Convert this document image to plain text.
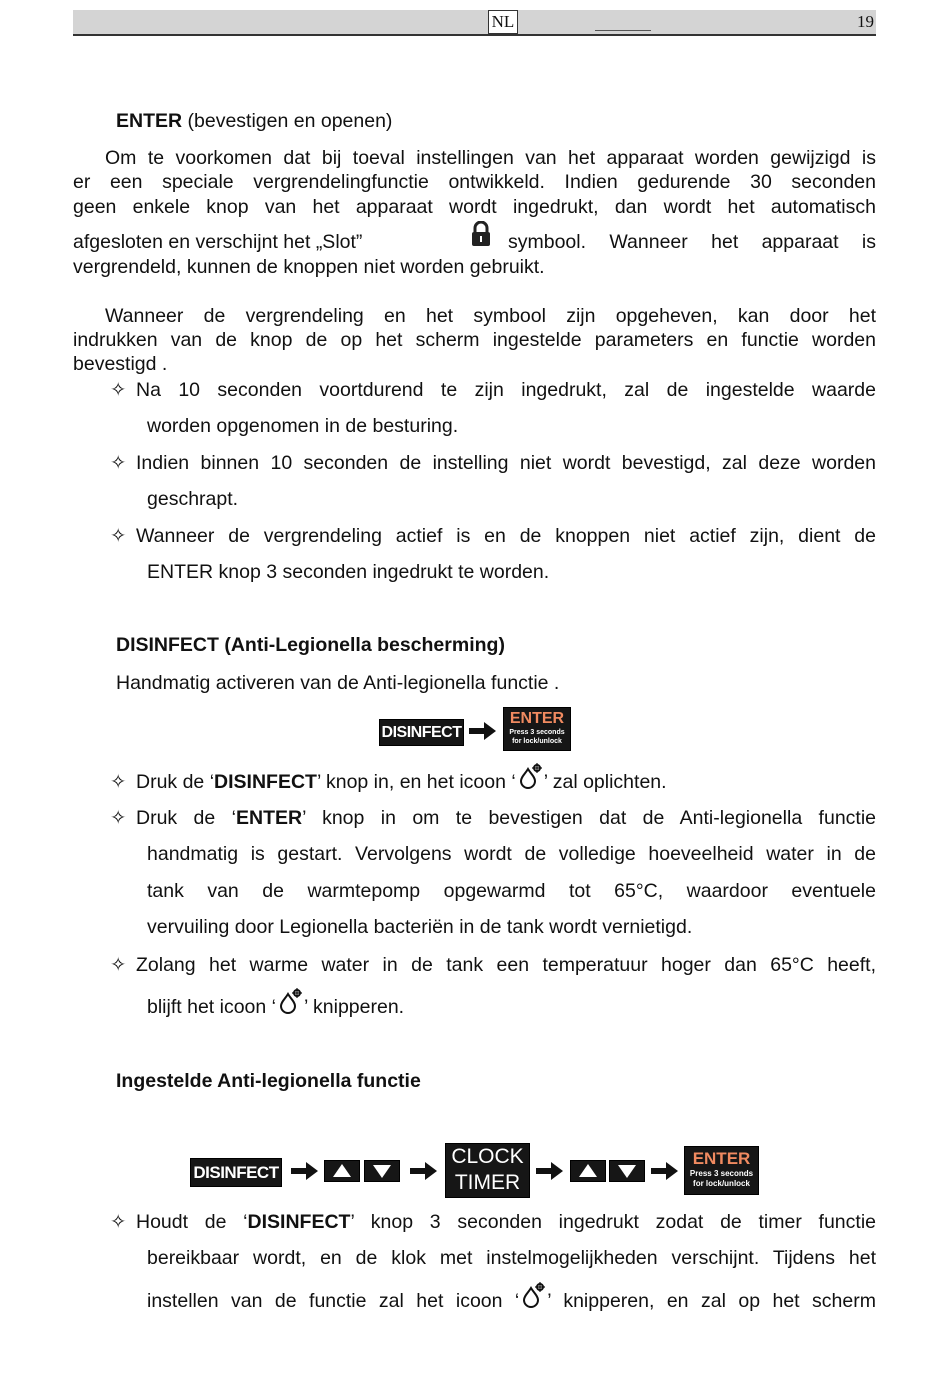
NL	19
ENTER (bevestigen en openen)
Om te voorkomen dat bij toeval instellingen van het apparaat worden gewijzigd is
er een speciale vergrendelingfunctie ontwikkeld. Indien gedurende 30 seconden
geen enkele knop van het apparaat wordt ingedrukt, dan wordt het automatisch
afgesloten en verschijnt het „Slot”	symbool. Wanneer het apparaat is
vergrendeld, kunnen de knoppen niet worden gebruikt.
Wanneer de vergrendeling en het symbool zijn opgeheven, kan door het
indrukken van de knop de op het scherm ingestelde parameters en functie worden
bevestigd .
✧ Na 10 seconden voortdurend te zijn ingedrukt, zal de ingestelde waarde
worden opgenomen in de besturing.
✧ Indien binnen 10 seconden de instelling niet wordt bevestigd, zal deze worden
geschrapt.
✧ Wanneer de vergrendeling actief is en de knoppen niet actief zijn, dient de
ENTER knop 3 seconden ingedrukt te worden.
DISINFECT (Anti-Legionella bescherming)
Handmatig activeren van de Anti-legionella functie .
DISINFECT
ENTER
Press 3 seconds
for lock/unlock
✧ Druk de ‘DISINFECT’ knop in, en het icoon ‘ ’ zal oplichten.
✧ Druk de ‘ENTER’ knop in om te bevestigen dat de Anti-legionella functie
handmatig is gestart. Vervolgens wordt de volledige hoeveelheid water in de
tank van de warmtepomp opgewarmd tot 65°C, waardoor eventuele
vervuiling door Legionella bacteriën in de tank wordt vernietigd.
✧ Zolang het warme water in de tank een temperatuur hoger dan 65°C heeft,
blijft het icoon ‘ ’ knipperen.
Ingestelde Anti-legionella functie
DISINFECT
CLOCK
TIMER
ENTER
Press 3 seconds
for lock/unlock
✧ Houdt de ‘DISINFECT’ knop 3 seconden ingedrukt zodat de timer functie
bereikbaar wordt, en de klok met instelmogelijkheden verschijnt. Tijdens het
instellen van de functie zal het icoon ‘ ’ knipperen, en zal op het scherm
